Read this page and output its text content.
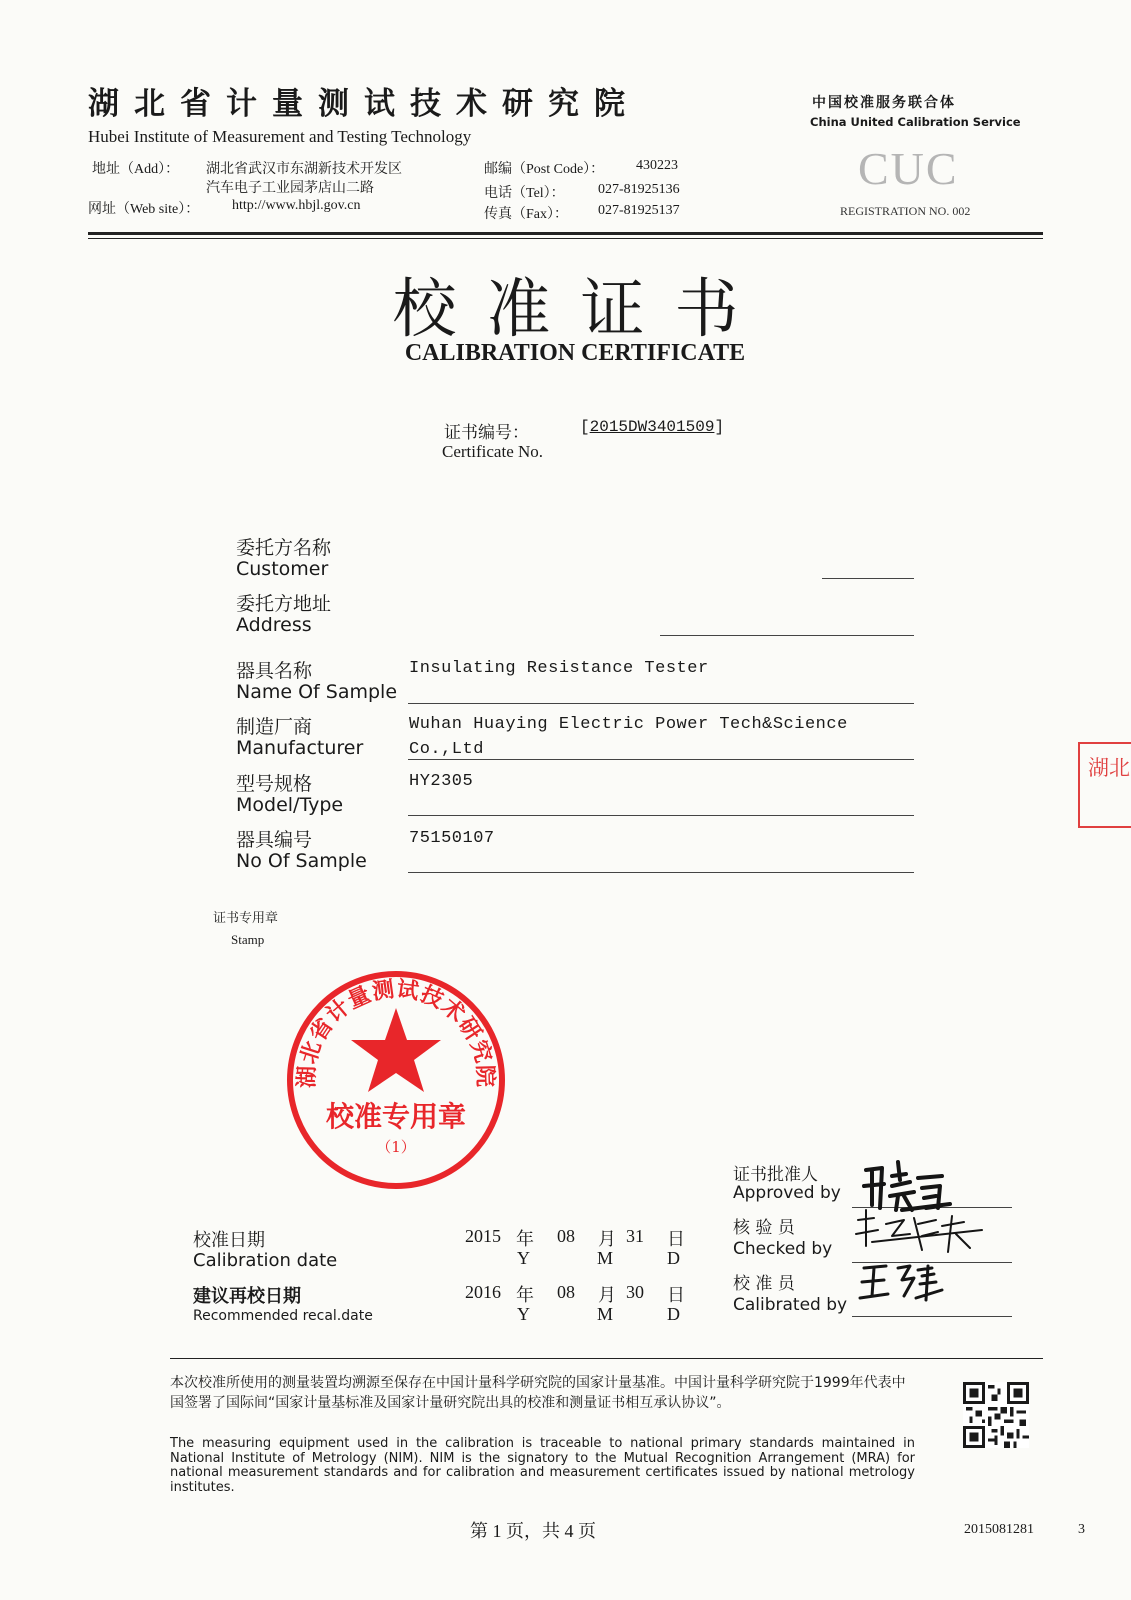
湖北省计量测试技术研究院
Hubei Institute of Measurement and Testing Technology
地址（Add）： 湖北省武汉市东湖新技术开发区
汽车电子工业园茅店山二路
网址（Web site）： http://www.hbjl.gov.cn
邮编（Post Code）： 430223
电话（Tel）： 027-81925136
传真（Fax）： 027-81925137
中国校准服务联合体
China United Calibration Service
CUC
REGISTRATION NO. 002
校准证书
CALIBRATION CERTIFICATE
证书编号：
Certificate No.
[2015DW3401509]
委托方名称
Customer
委托方地址
Address
器具名称
Name Of Sample
Insulating Resistance Tester
制造厂商
Manufacturer
Wuhan Huaying Electric Power Tech&Science
Co.,Ltd
型号规格
Model/Type
HY2305
器具编号
No Of Sample
75150107
证书专用章
Stamp
湖北省计量测试技术研究院
校准专用章
（1）
校准日期
Calibration date
2015 年
Y
08 月
M
31 日
D
建议再校日期
Recommended recal.date
2016 年
Y
08 月
M
30 日
D
证书批准人
Approved by
核 验 员
Checked by
校 准 员
Calibrated by
本次校准所使用的测量装置均溯源至保存在中国计量科学研究院的国家计量基准。中国计量科学研究院于1999年代表中国签署了国际间“国家计量基标准及国家计量研究院出具的校准和测量证书相互承认协议”。
The measuring equipment used in the calibration is traceable to national primary standards maintained in National Institute of Metrology (NIM). NIM is the signatory to the Mutual Recognition Arrangement (MRA) for national measurement standards and for calibration and measurement certificates issued by national metrology institutes.
第 1 页，共 4 页	2015081281	3
湖北
